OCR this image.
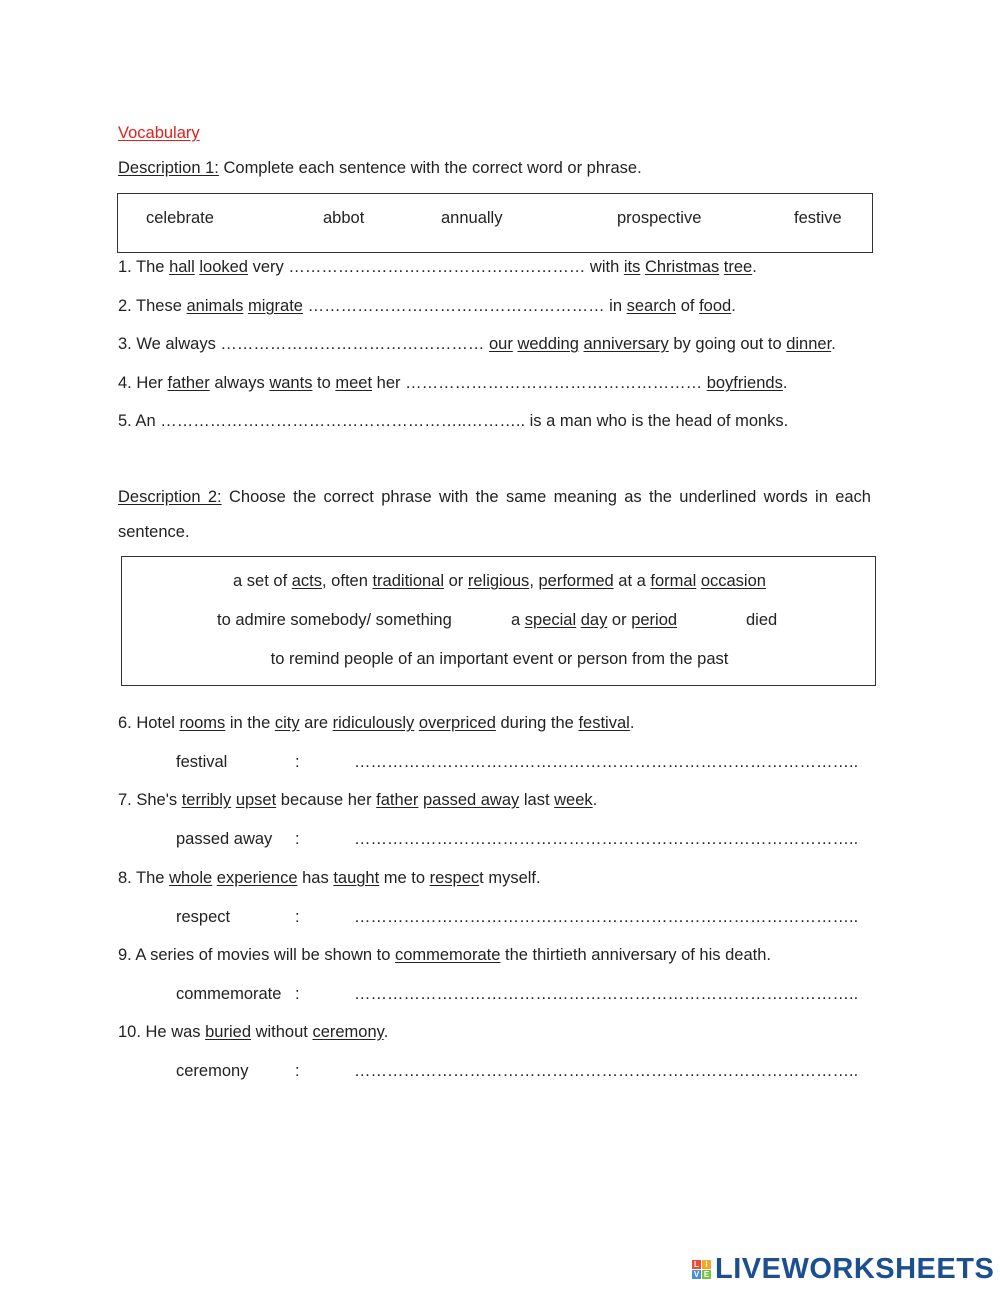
Vocabulary
Description 1: Complete each sentence with the correct word or phrase.
celebrate	abbot	annually	prospective	festive
1. The hall looked very ……………………………………………… with its Christmas tree.
2. These animals migrate ……………………………………………… in search of food.
3. We always ………………………………………… our wedding anniversary by going out to dinner.
4. Her father always wants to meet her ……………………………………………… boyfriends.
5. An ………………………………………………..……….. is a man who is the head of monks.
Description 2: Choose the correct phrase with the same meaning as the underlined words in each
sentence.
a set of acts, often traditional or religious, performed at a formal occasion
to admire somebody/ something	a special day or period	died
to remind people of an important event or person from the past
6. Hotel rooms in the city are ridiculously overpriced during the festival.
festival	:	………………………………………………………………………………..
7. She's terribly upset because her father passed away last week.
passed away :	………………………………………………………………………………..
8. The whole experience has taught me to respect myself.
respect	:	………………………………………………………………………………..
9. A series of movies will be shown to commemorate the thirtieth anniversary of his death.
commemorate :	………………………………………………………………………………..
10. He was buried without ceremony.
ceremony	:	………………………………………………………………………………..
L I
V E LIVEWORKSHEETS
